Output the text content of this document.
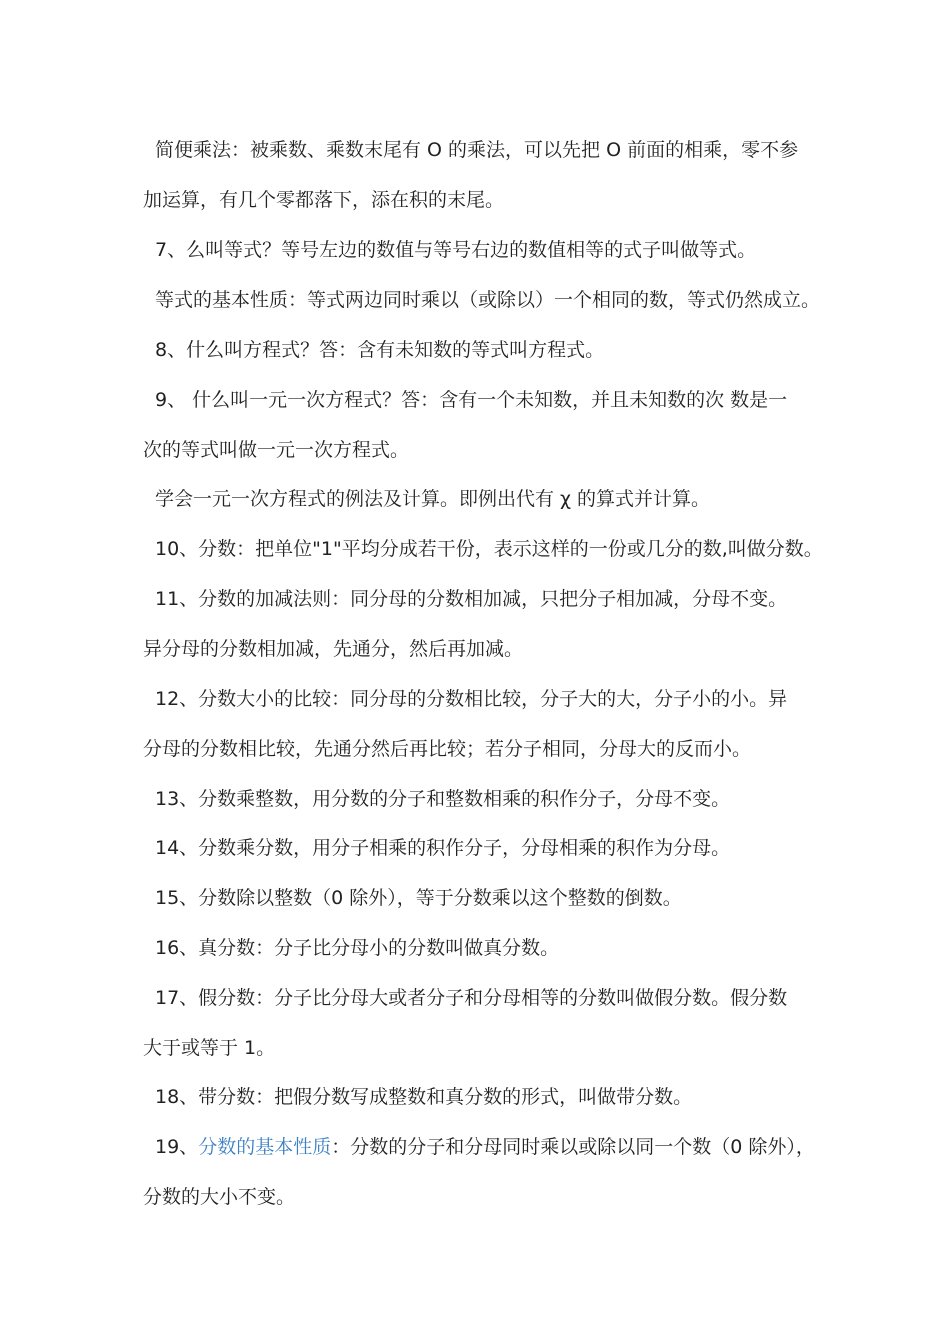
简便乘法：被乘数、乘数末尾有 O 的乘法，可以先把 O 前面的相乘，零不参
加运算，有几个零都落下，添在积的末尾。
7、么叫等式？等号左边的数值与等号右边的数值相等的式子叫做等式。
等式的基本性质：等式两边同时乘以（或除以）一个相同的数，等式仍然成立。
8、什么叫方程式？答：含有未知数的等式叫方程式。
9、 什么叫一元一次方程式？答：含有一个未知数，并且未知数的次 数是一
次的等式叫做一元一次方程式。
学会一元一次方程式的例法及计算。即例出代有 χ 的算式并计算。
10、分数：把单位"1"平均分成若干份，表示这样的一份或几分的数,叫做分数。
11、分数的加减法则：同分母的分数相加减，只把分子相加减，分母不变。
异分母的分数相加减，先通分，然后再加减。
12、分数大小的比较：同分母的分数相比较，分子大的大，分子小的小。异
分母的分数相比较，先通分然后再比较；若分子相同，分母大的反而小。
13、分数乘整数，用分数的分子和整数相乘的积作分子，分母不变。
14、分数乘分数，用分子相乘的积作分子，分母相乘的积作为分母。
15、分数除以整数（0 除外），等于分数乘以这个整数的倒数。
16、真分数：分子比分母小的分数叫做真分数。
17、假分数：分子比分母大或者分子和分母相等的分数叫做假分数。假分数
大于或等于 1。
18、带分数：把假分数写成整数和真分数的形式，叫做带分数。
19、分数的基本性质：分数的分子和分母同时乘以或除以同一个数（0 除外），
分数的大小不变。
